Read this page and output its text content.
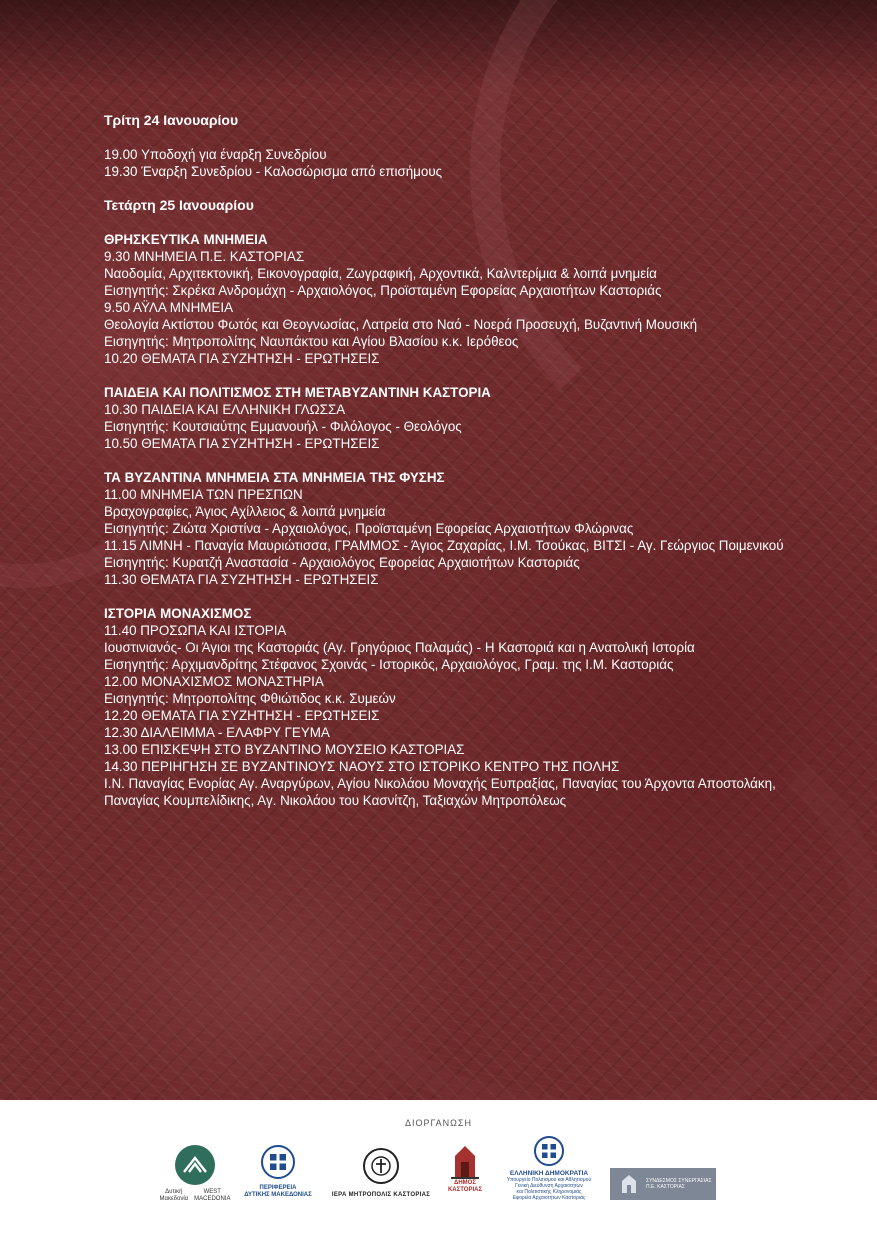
Τρίτη 24 Ιανουαρίου
19.00 Υποδοχή για έναρξη Συνεδρίου
19.30 Έναρξη Συνεδρίου - Καλοσώρισμα από επισήμους
Τετάρτη 25 Ιανουαρίου
ΘΡΗΣΚΕΥΤΙΚΑ ΜΝΗΜΕΙΑ
9.30 ΜΝΗΜΕΙΑ Π.Ε. ΚΑΣΤΟΡΙΑΣ
Ναοδομία, Αρχιτεκτονική, Εικονογραφία, Ζωγραφική, Αρχοντικά, Καλντερίμια & λοιπά μνημεία
Εισηγητής: Σκρέκα Ανδρομάχη - Αρχαιολόγος, Προϊσταμένη Εφορείας Αρχαιοτήτων Καστοριάς
9.50 ΑΫΛΑ ΜΝΗΜΕΙΑ
Θεολογία Ακτίστου Φωτός και Θεογνωσίας, Λατρεία στο Ναό - Νοερά Προσευχή, Βυζαντινή Μουσική
Εισηγητής: Μητροπολίτης Ναυπάκτου και Αγίου Βλασίου κ.κ. Ιερόθεος
10.20 ΘΕΜΑΤΑ ΓΙΑ ΣΥΖΗΤΗΣΗ - ΕΡΩΤΗΣΕΙΣ
ΠΑΙΔΕΙΑ ΚΑΙ ΠΟΛΙΤΙΣΜΟΣ ΣΤΗ ΜΕΤΑΒΥΖΑΝΤΙΝΗ ΚΑΣΤΟΡΙΑ
10.30 ΠΑΙΔΕΙΑ ΚΑΙ ΕΛΛΗΝΙΚΗ ΓΛΩΣΣΑ
Εισηγητής: Κουτσιαύτης Εμμανουήλ - Φιλόλογος - Θεολόγος
10.50 ΘΕΜΑΤΑ ΓΙΑ ΣΥΖΗΤΗΣΗ - ΕΡΩΤΗΣΕΙΣ
ΤΑ ΒΥΖΑΝΤΙΝΑ ΜΝΗΜΕΙΑ ΣΤΑ ΜΝΗΜΕΙΑ ΤΗΣ ΦΥΣΗΣ
11.00 ΜΝΗΜΕΙΑ ΤΩΝ ΠΡΕΣΠΩΝ
Βραχογραφίες, Άγιος Αχίλλειος & λοιπά μνημεία
Εισηγητής: Ζιώτα Χριστίνα - Αρχαιολόγος, Προϊσταμένη Εφορείας Αρχαιοτήτων Φλώρινας
11.15 ΛΙΜΝΗ - Παναγία Μαυριώτισσα, ΓΡΑΜΜΟΣ - Άγιος Ζαχαρίας, Ι.Μ. Τσούκας, ΒΙΤΣΙ - Αγ. Γεώργιος Ποιμενικού
Εισηγητής: Κυρατζή Αναστασία - Αρχαιολόγος Εφορείας Αρχαιοτήτων Καστοριάς
11.30 ΘΕΜΑΤΑ ΓΙΑ ΣΥΖΗΤΗΣΗ - ΕΡΩΤΗΣΕΙΣ
ΙΣΤΟΡΙΑ ΜΟΝΑΧΙΣΜΟΣ
11.40 ΠΡΟΣΩΠΑ ΚΑΙ ΙΣΤΟΡΙΑ
Ιουστινιανός- Οι Άγιοι της Καστοριάς (Αγ. Γρηγόριος Παλαμάς) - Η Καστοριά και η Ανατολική Ιστορία
Εισηγητής: Αρχιμανδρίτης Στέφανος Σχοινάς - Ιστορικός, Αρχαιολόγος, Γραμ. της Ι.Μ. Καστοριάς
12.00 ΜΟΝΑΧΙΣΜΟΣ ΜΟΝΑΣΤΗΡΙΑ
Εισηγητής: Μητροπολίτης Φθιώτιδος κ.κ. Συμεών
12.20 ΘΕΜΑΤΑ ΓΙΑ ΣΥΖΗΤΗΣΗ - ΕΡΩΤΗΣΕΙΣ
12.30 ΔΙΑΛΕΙΜΜΑ - ΕΛΑΦΡΥ ΓΕΥΜΑ
13.00 ΕΠΙΣΚΕΨΗ ΣΤΟ ΒΥΖΑΝΤΙΝΟ ΜΟΥΣΕΙΟ ΚΑΣΤΟΡΙΑΣ
14.30 ΠΕΡΙΗΓΗΣΗ ΣΕ ΒΥΖΑΝΤΙΝΟΥΣ ΝΑΟΥΣ ΣΤΟ ΙΣΤΟΡΙΚΟ ΚΕΝΤΡΟ ΤΗΣ ΠΟΛΗΣ
Ι.Ν. Παναγίας Ενορίας Αγ. Αναργύρων, Αγίου Νικολάου Μοναχής Ευπραξίας, Παναγίας του Άρχοντα Αποστολάκη, Παναγίας Κουμπελίδικης, Αγ. Νικολάου του Κασνίτζη, Ταξιαχών Μητροπόλεως
ΔΙΟΡΓΑΝΩΣΗ
Δυτική Μακεδονία
WEST MACEDONIA
ΠΕΡΙΦΕΡΕΙΑ
ΔΥΤΙΚΗΣ ΜΑΚΕΔΟΝΙΑΣ	ΙΕΡΑ ΜΗΤΡΟΠΟΛΙΣ ΚΑΣΤΟΡΙΑΣ
ΔΗΜΟΣ
ΚΑΣΤΟΡΙΑΣ
ΕΛΛΗΝΙΚΗ ΔΗΜΟΚΡΑΤΙΑ
Υπουργείο Πολιτισμού και Αθλητισμού
Γενική Διεύθυνση Αρχαιοτήτων
και Πολιτιστικής Κληρονομιάς
Εφορεία Αρχαιοτήτων Καστοριάς
ΣΥΝΔΕΣΜΟΣ ΣΥΝΕΡΓΑΣΙΑΣ
Π.Ε. ΚΑΣΤΟΡΙΑΣ
